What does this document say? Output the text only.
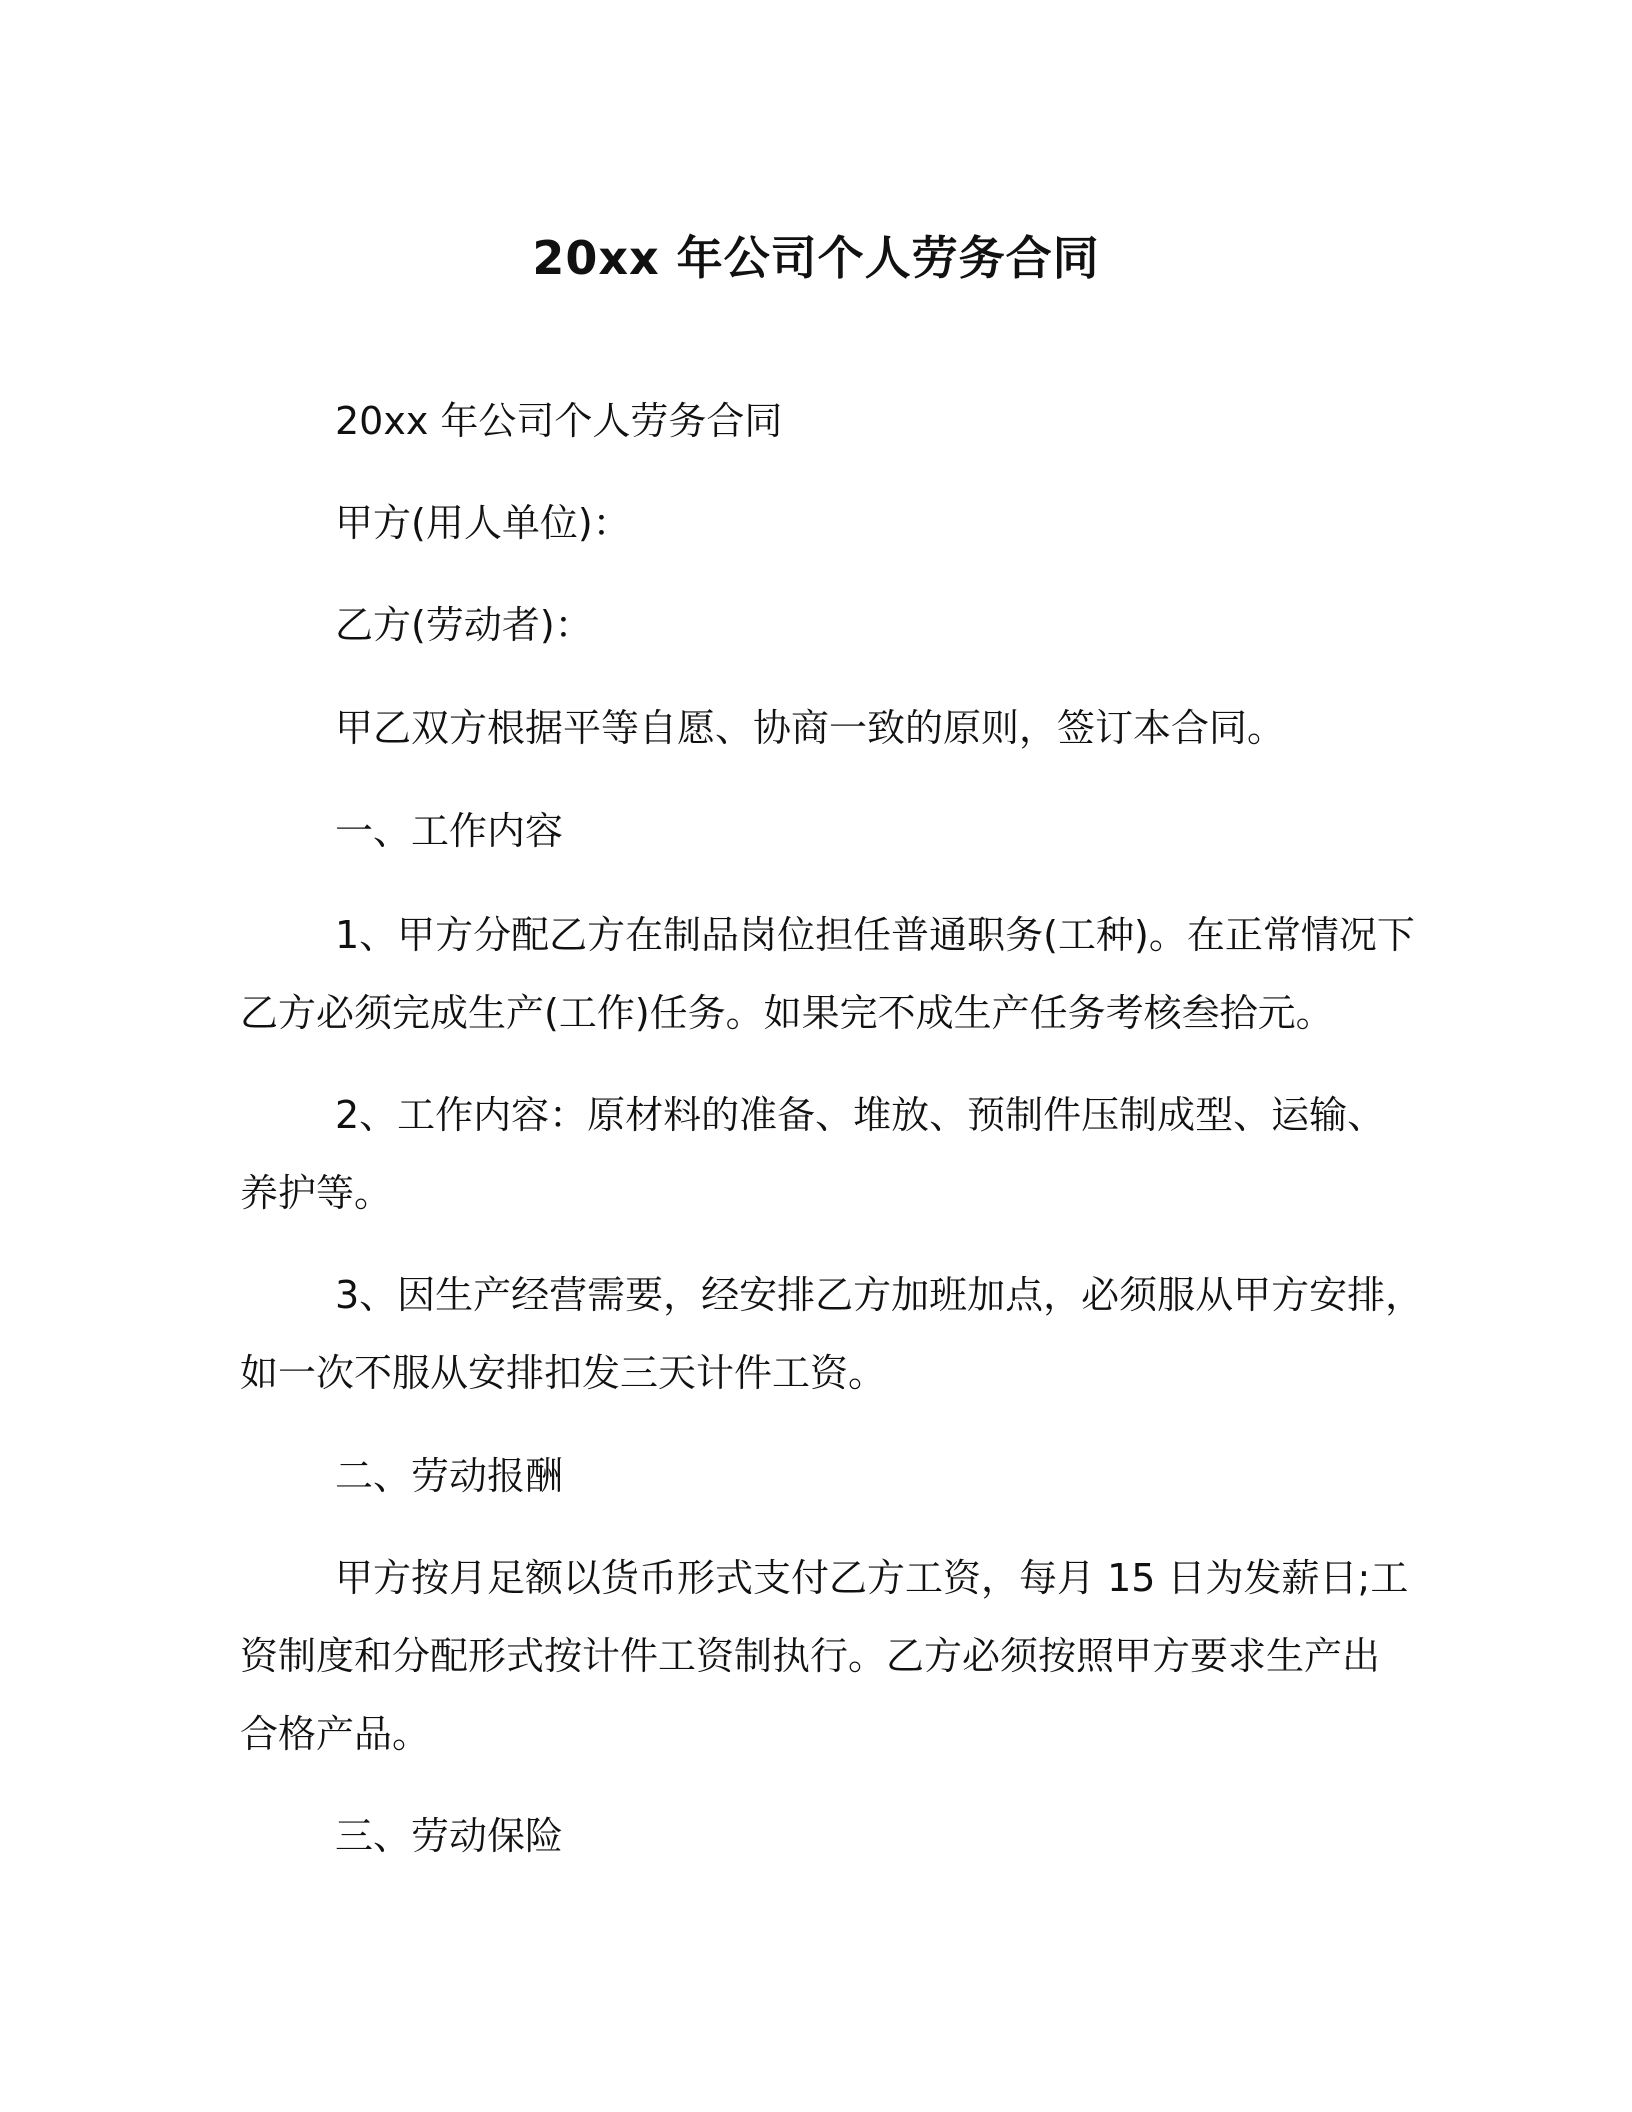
20xx 年公司个人劳务合同
20xx 年公司个人劳务合同
甲方(用人单位)：
乙方(劳动者)：
甲乙双方根据平等自愿、协商一致的原则，签订本合同。
一、工作内容
1、甲方分配乙方在制品岗位担任普通职务(工种)。在正常情况下
乙方必须完成生产(工作)任务。如果完不成生产任务考核叁拾元。
2、工作内容：原材料的准备、堆放、预制件压制成型、运输、
养护等。
3、因生产经营需要，经安排乙方加班加点，必须服从甲方安排，
如一次不服从安排扣发三天计件工资。
二、劳动报酬
甲方按月足额以货币形式支付乙方工资，每月 15 日为发薪日;工
资制度和分配形式按计件工资制执行。乙方必须按照甲方要求生产出
合格产品。
三、劳动保险
